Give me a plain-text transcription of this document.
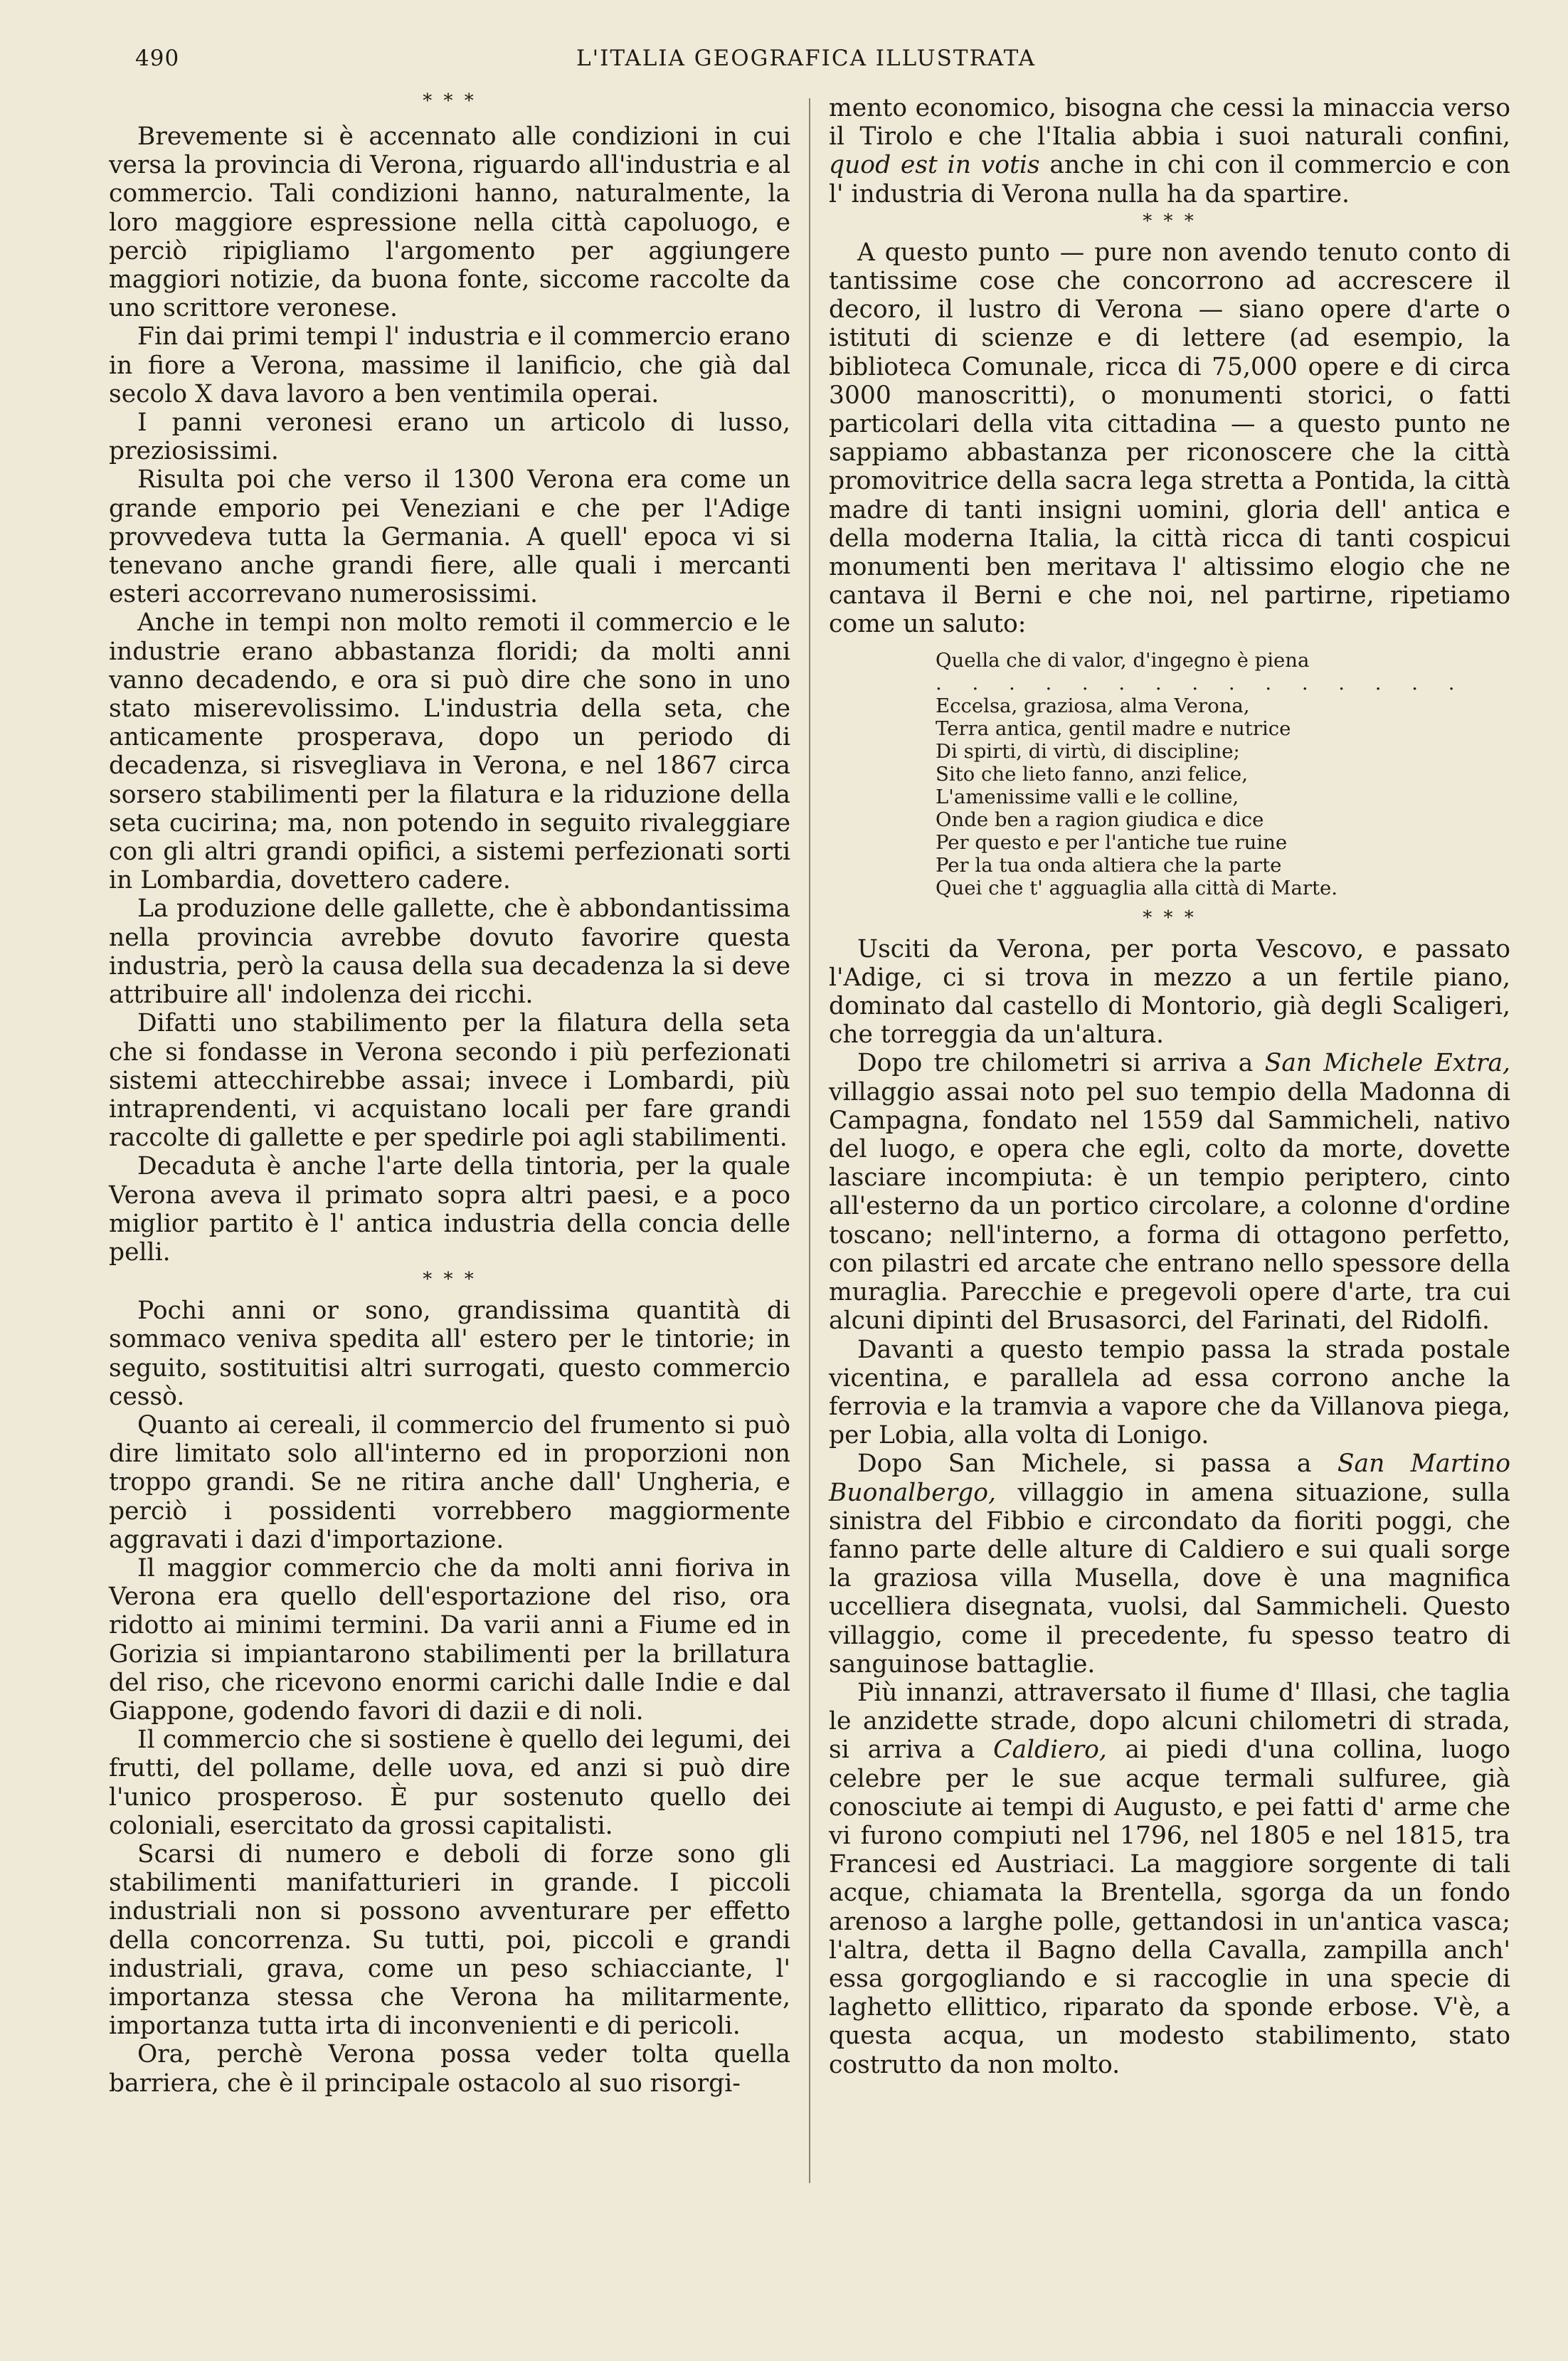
490	L'ITALIA GEOGRAFICA ILLUSTRATA
* * *

Brevemente si è accennato alle condizioni in cui versa la provincia di Verona, riguardo all'industria e al commercio. Tali condizioni hanno, naturalmente, la loro maggiore espressione nella città capoluogo, e perciò ripigliamo l'argomento per aggiungere maggiori notizie, da buona fonte, siccome raccolte da uno scrittore veronese.

Fin dai primi tempi l' industria e il commercio erano in fiore a Verona, massime il lanificio, che già dal secolo X dava lavoro a ben ventimila operai.

I panni veronesi erano un articolo di lusso, preziosissimi.

Risulta poi che verso il 1300 Verona era come un grande emporio pei Veneziani e che per l'Adige provvedeva tutta la Germania. A quell' epoca vi si tenevano anche grandi fiere, alle quali i mercanti esteri accorrevano numerosissimi.

Anche in tempi non molto remoti il commercio e le industrie erano abbastanza floridi; da molti anni vanno decadendo, e ora si può dire che sono in uno stato miserevolissimo. L'industria della seta, che anticamente prosperava, dopo un periodo di decadenza, si risvegliava in Verona, e nel 1867 circa sorsero stabilimenti per la filatura e la riduzione della seta cucirina; ma, non potendo in seguito rivaleggiare con gli altri grandi opifici, a sistemi perfezionati sorti in Lombardia, dovettero cadere.

La produzione delle gallette, che è abbondantissima nella provincia avrebbe dovuto favorire questa industria, però la causa della sua decadenza la si deve attribuire all' indolenza dei ricchi.

Difatti uno stabilimento per la filatura della seta che si fondasse in Verona secondo i più perfezionati sistemi attecchirebbe assai; invece i Lombardi, più intraprendenti, vi acquistano locali per fare grandi raccolte di gallette e per spedirle poi agli stabilimenti.

Decaduta è anche l'arte della tintoria, per la quale Verona aveva il primato sopra altri paesi, e a poco miglior partito è l' antica industria della concia delle pelli.

* * *

Pochi anni or sono, grandissima quantità di sommaco veniva spedita all' estero per le tintorie; in seguito, sostituitisi altri surrogati, questo commercio cessò.

Quanto ai cereali, il commercio del frumento si può dire limitato solo all'interno ed in proporzioni non troppo grandi. Se ne ritira anche dall' Ungheria, e perciò i possidenti vorrebbero maggiormente aggravati i dazi d'importazione.

Il maggior commercio che da molti anni fioriva in Verona era quello dell'esportazione del riso, ora ridotto ai minimi termini. Da varii anni a Fiume ed in Gorizia si impiantarono stabilimenti per la brillatura del riso, che ricevono enormi carichi dalle Indie e dal Giappone, godendo favori di dazii e di noli.

Il commercio che si sostiene è quello dei legumi, dei frutti, del pollame, delle uova, ed anzi si può dire l'unico prosperoso. È pur sostenuto quello dei coloniali, esercitato da grossi capitalisti.

Scarsi di numero e deboli di forze sono gli stabilimenti manifatturieri in grande. I piccoli industriali non si possono avventurare per effetto della concorrenza. Su tutti, poi, piccoli e grandi industriali, grava, come un peso schiacciante, l' importanza stessa che Verona ha militarmente, importanza tutta irta di inconvenienti e di pericoli.

Ora, perchè Verona possa veder tolta quella barriera, che è il principale ostacolo al suo risorgi-

mento economico, bisogna che cessi la minaccia verso il Tirolo e che l'Italia abbia i suoi naturali confini, quod est in votis anche in chi con il commercio e con l' industria di Verona nulla ha da spartire.

* * *

A questo punto — pure non avendo tenuto conto di tantissime cose che concorrono ad accrescere il decoro, il lustro di Verona — siano opere d'arte o istituti di scienze e di lettere (ad esempio, la biblioteca Comunale, ricca di 75,000 opere e di circa 3000 manoscritti), o monumenti storici, o fatti particolari della vita cittadina — a questo punto ne sappiamo abbastanza per riconoscere che la città promovitrice della sacra lega stretta a Pontida, la città madre di tanti insigni uomini, gloria dell' antica e della moderna Italia, la città ricca di tanti cospicui monumenti ben meritava l' altissimo elogio che ne cantava il Berni e che noi, nel partirne, ripetiamo come un saluto:

Quella che di valor, d'ingegno è piena
. . . . . . . . . . . . . . .
Eccelsa, graziosa, alma Verona,
Terra antica, gentil madre e nutrice
Di spirti, di virtù, di discipline;
Sito che lieto fanno, anzi felice,
L'amenissime valli e le colline,
Onde ben a ragion giudica e dice
Per questo e per l'antiche tue ruine
Per la tua onda altiera che la parte
Quei che t' agguaglia alla città di Marte.
* * *

Usciti da Verona, per porta Vescovo, e passato l'Adige, ci si trova in mezzo a un fertile piano, dominato dal castello di Montorio, già degli Scaligeri, che torreggia da un'altura.

Dopo tre chilometri si arriva a San Michele Extra, villaggio assai noto pel suo tempio della Madonna di Campagna, fondato nel 1559 dal Sammicheli, nativo del luogo, e opera che egli, colto da morte, dovette lasciare incompiuta: è un tempio periptero, cinto all'esterno da un portico circolare, a colonne d'ordine toscano; nell'interno, a forma di ottagono perfetto, con pilastri ed arcate che entrano nello spessore della muraglia. Parecchie e pregevoli opere d'arte, tra cui alcuni dipinti del Brusasorci, del Farinati, del Ridolfi.

Davanti a questo tempio passa la strada postale vicentina, e parallela ad essa corrono anche la ferrovia e la tramvia a vapore che da Villanova piega, per Lobia, alla volta di Lonigo.

Dopo San Michele, si passa a San Martino Buonalbergo, villaggio in amena situazione, sulla sinistra del Fibbio e circondato da fioriti poggi, che fanno parte delle alture di Caldiero e sui quali sorge la graziosa villa Musella, dove è una magnifica uccelliera disegnata, vuolsi, dal Sammicheli. Questo villaggio, come il precedente, fu spesso teatro di sanguinose battaglie.

Più innanzi, attraversato il fiume d' Illasi, che taglia le anzidette strade, dopo alcuni chilometri di strada, si arriva a Caldiero, ai piedi d'una collina, luogo celebre per le sue acque termali sulfuree, già conosciute ai tempi di Augusto, e pei fatti d' arme che vi furono compiuti nel 1796, nel 1805 e nel 1815, tra Francesi ed Austriaci. La maggiore sorgente di tali acque, chiamata la Brentella, sgorga da un fondo arenoso a larghe polle, gettandosi in un'antica vasca; l'altra, detta il Bagno della Cavalla, zampilla anch' essa gorgogliando e si raccoglie in una specie di laghetto ellittico, riparato da sponde erbose. V'è, a questa acqua, un modesto stabilimento, stato costrutto da non molto.
